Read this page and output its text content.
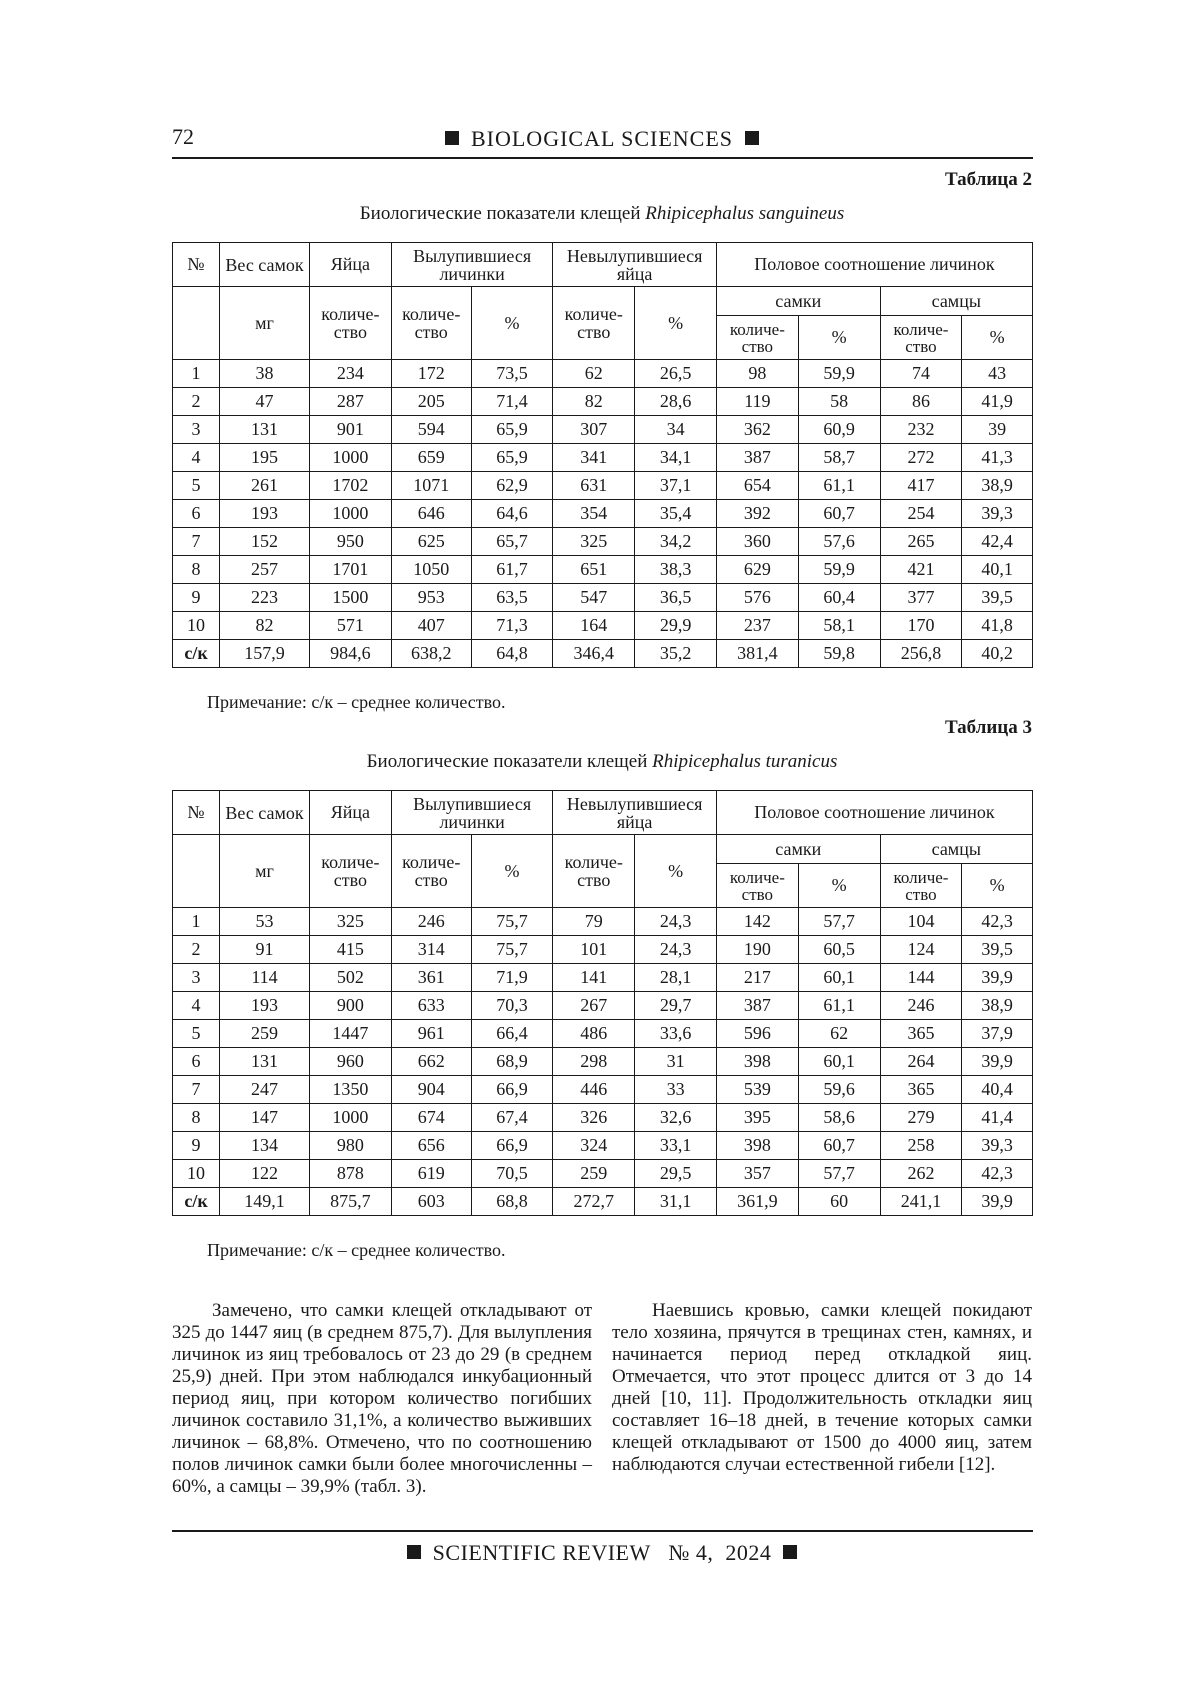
72	BIOLOGICAL SCIENCES
Таблица 2
Биологические показатели клещей Rhipicephalus sanguineus
№	Вес самок	Яйца	Вылупившиеся личинки		Невылупившиеся яйца		Половое соотношение личинок			
	мг	количе-ство	количе-ство	%	количе-ство	%	самки		самцы	
							количе-ство	%	количе-ство	%
1	38	234	172	73,5	62	26,5	98	59,9	74	43
2	47	287	205	71,4	82	28,6	119	58	86	41,9
3	131	901	594	65,9	307	34	362	60,9	232	39
4	195	1000	659	65,9	341	34,1	387	58,7	272	41,3
5	261	1702	1071	62,9	631	37,1	654	61,1	417	38,9
6	193	1000	646	64,6	354	35,4	392	60,7	254	39,3
7	152	950	625	65,7	325	34,2	360	57,6	265	42,4
8	257	1701	1050	61,7	651	38,3	629	59,9	421	40,1
9	223	1500	953	63,5	547	36,5	576	60,4	377	39,5
10	82	571	407	71,3	164	29,9	237	58,1	170	41,8
с/к	157,9	984,6	638,2	64,8	346,4	35,2	381,4	59,8	256,8	40,2
Примечание: с/к – среднее количество.
Таблица 3
Биологические показатели клещей Rhipicephalus turanicus
№	Вес самок	Яйца	Вылупившиеся личинки		Невылупившиеся яйца		Половое соотношение личинок			
	мг	количе-ство	количе-ство	%	количе-ство	%	самки		самцы	
							количе-ство	%	количе-ство	%
1	53	325	246	75,7	79	24,3	142	57,7	104	42,3
2	91	415	314	75,7	101	24,3	190	60,5	124	39,5
3	114	502	361	71,9	141	28,1	217	60,1	144	39,9
4	193	900	633	70,3	267	29,7	387	61,1	246	38,9
5	259	1447	961	66,4	486	33,6	596	62	365	37,9
6	131	960	662	68,9	298	31	398	60,1	264	39,9
7	247	1350	904	66,9	446	33	539	59,6	365	40,4
8	147	1000	674	67,4	326	32,6	395	58,6	279	41,4
9	134	980	656	66,9	324	33,1	398	60,7	258	39,3
10	122	878	619	70,5	259	29,5	357	57,7	262	42,3
с/к	149,1	875,7	603	68,8	272,7	31,1	361,9	60	241,1	39,9
Примечание: с/к – среднее количество.

Замечено, что самки клещей откладывают от 325 до 1447 яиц (в среднем 875,7). Для вылупления личинок из яиц требовалось от 23 до 29 (в среднем 25,9) дней. При этом наблюдался инкубационный период яиц, при котором количество погибших личинок составило 31,1%, а количество выживших личинок – 68,8%. Отмечено, что по соотношению полов личинок самки были более многочисленны – 60%, а самцы – 39,9% (табл. 3).

Наевшись кровью, самки клещей покидают тело хозяина, прячутся в трещинах стен, камнях, и начинается период перед откладкой яиц. Отмечается, что этот процесс длится от 3 до 14 дней [10, 11]. Продолжительность откладки яиц составляет 16–18 дней, в течение которых самки клещей откладывают от 1500 до 4000 яиц, затем наблюдаются случаи естественной гибели [12].

SCIENTIFIC REVIEW   № 4,  2024
